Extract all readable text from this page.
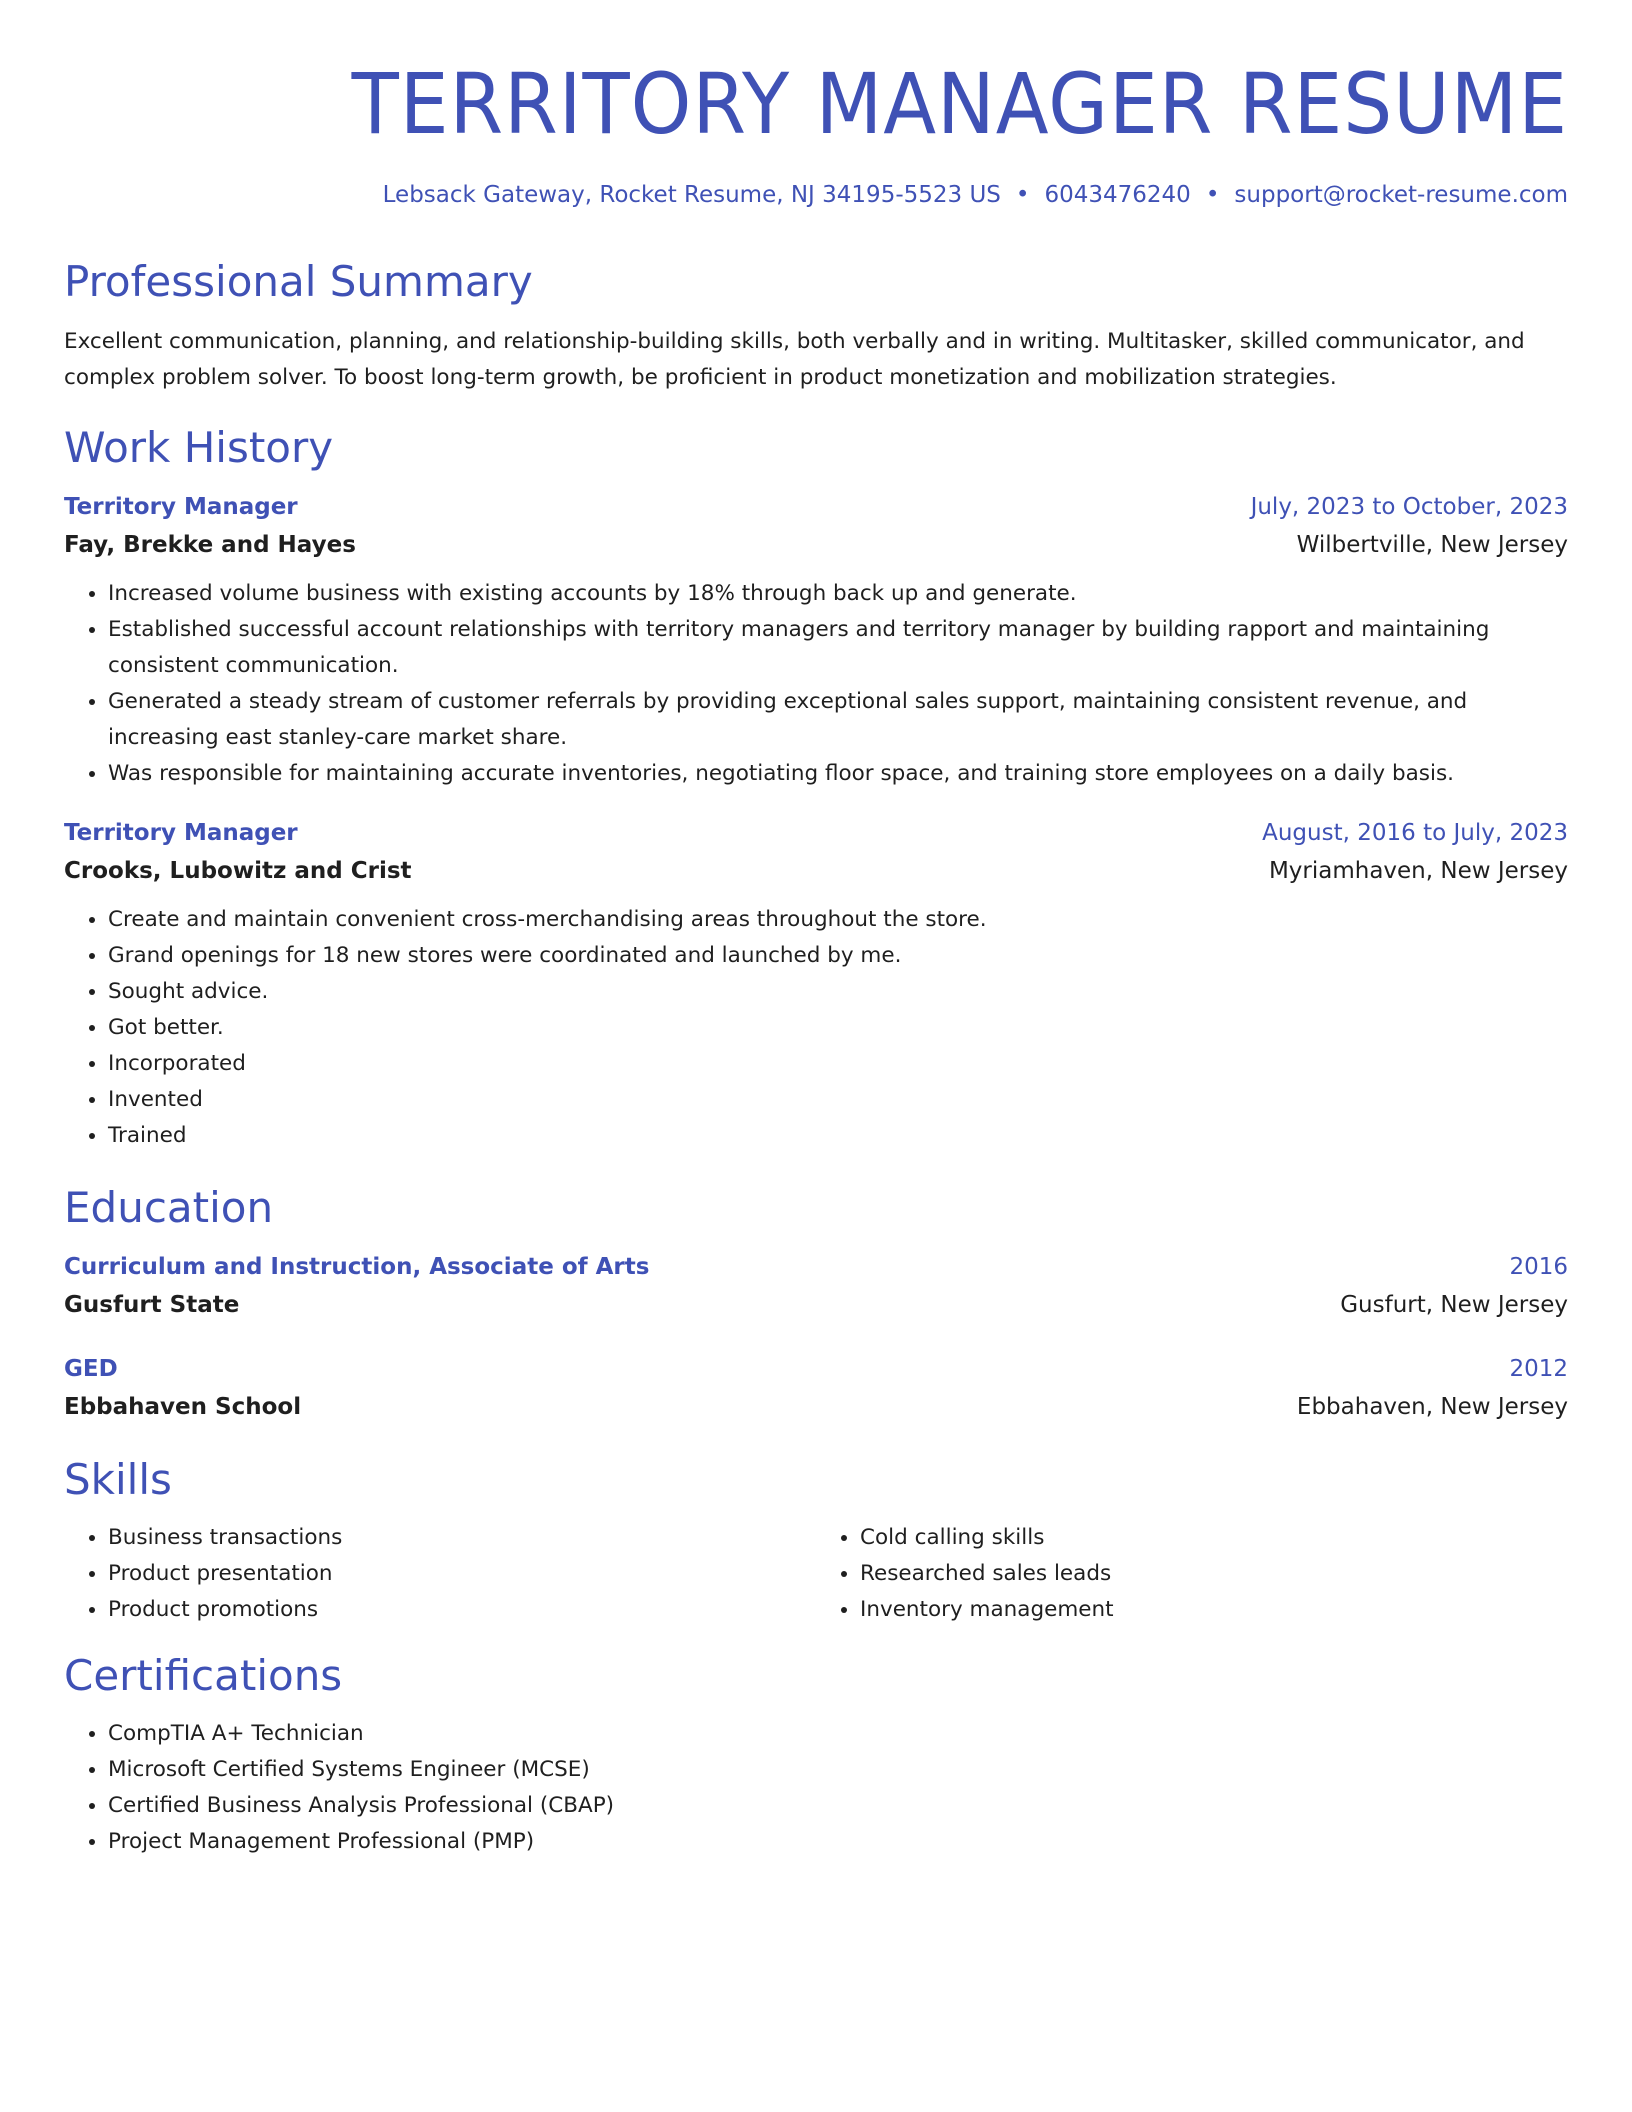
TERRITORY MANAGER RESUME
Lebsack Gateway, Rocket Resume, NJ 34195-5523 US • 6043476240 • support@rocket-resume.com
Professional Summary

Excellent communication, planning, and relationship-building skills, both verbally and in writing. Multitasker, skilled communicator, and complex problem solver. To boost long-term growth, be proficient in product monetization and mobilization strategies.

Work History
Territory Manager	July, 2023 to October, 2023
Fay, Brekke and Hayes	Wilbertville, New Jersey
• Increased volume business with existing accounts by 18% through back up and generate.
• Established successful account relationships with territory managers and territory manager by building rapport and maintaining consistent communication.
• Generated a steady stream of customer referrals by providing exceptional sales support, maintaining consistent revenue, and increasing east stanley-care market share.
• Was responsible for maintaining accurate inventories, negotiating floor space, and training store employees on a daily basis.
Territory Manager	August, 2016 to July, 2023
Crooks, Lubowitz and Crist	Myriamhaven, New Jersey
• Create and maintain convenient cross-merchandising areas throughout the store.
• Grand openings for 18 new stores were coordinated and launched by me.
• Sought advice.
• Got better.
• Incorporated
• Invented
• Trained
Education
Curriculum and Instruction, Associate of Arts	2016
Gusfurt State	Gusfurt, New Jersey
GED	2012
Ebbahaven School	Ebbahaven, New Jersey
Skills
• Business transactions
• Product presentation
• Product promotions
• Cold calling skills
• Researched sales leads
• Inventory management
Certifications
• CompTIA A+ Technician
• Microsoft Certified Systems Engineer (MCSE)
• Certified Business Analysis Professional (CBAP)
• Project Management Professional (PMP)
